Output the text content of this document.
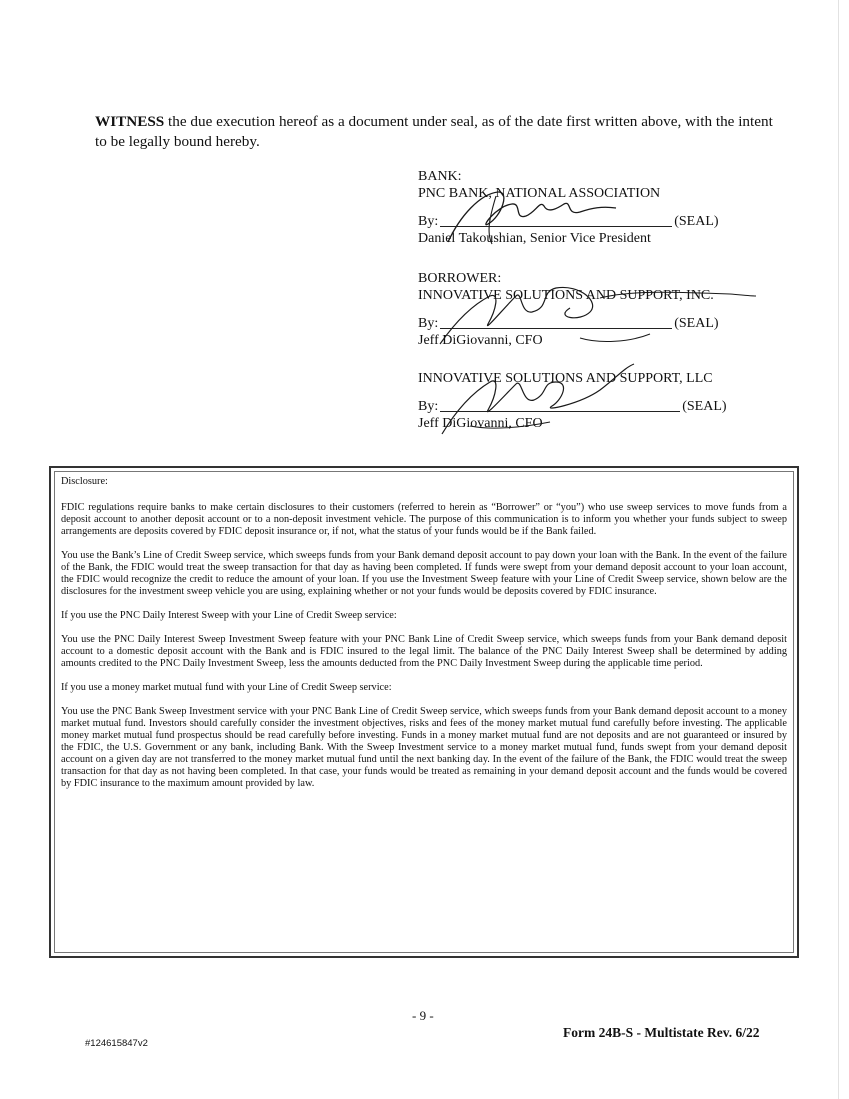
WITNESS the due execution hereof as a document under seal, as of the date first written above, with the intent to be legally bound hereby.
BANK:
PNC BANK, NATIONAL ASSOCIATION
By:	(SEAL)
Daniel Takoushian, Senior Vice President
BORROWER:
INNOVATIVE SOLUTIONS AND SUPPORT, INC.
By:	(SEAL)
Jeff DiGiovanni, CFO
INNOVATIVE SOLUTIONS AND SUPPORT, LLC
By:	(SEAL)
Jeff DiGiovanni, CFO

Disclosure:

FDIC regulations require banks to make certain disclosures to their customers (referred to herein as “Borrower” or “you”) who use sweep services to move funds from a deposit account to another deposit account or to a non-deposit investment vehicle. The purpose of this communication is to inform you whether your funds subject to sweep arrangements are deposits covered by FDIC deposit insurance or, if not, what the status of your funds would be if the Bank failed.

You use the Bank’s Line of Credit Sweep service, which sweeps funds from your Bank demand deposit account to pay down your loan with the Bank. In the event of the failure of the Bank, the FDIC would treat the sweep transaction for that day as having been completed. If funds were swept from your demand deposit account to your loan account, the FDIC would recognize the credit to reduce the amount of your loan. If you use the Investment Sweep feature with your Line of Credit Sweep service, shown below are the disclosures for the investment sweep vehicle you are using, explaining whether or not your funds would be deposits covered by FDIC insurance.

If you use the PNC Daily Interest Sweep with your Line of Credit Sweep service:

You use the PNC Daily Interest Sweep Investment Sweep feature with your PNC Bank Line of Credit Sweep service, which sweeps funds from your Bank demand deposit account to a domestic deposit account with the Bank and is FDIC insured to the legal limit. The balance of the PNC Daily Interest Sweep shall be determined by adding amounts credited to the PNC Daily Investment Sweep, less the amounts deducted from the PNC Daily Investment Sweep during the applicable time period.

If you use a money market mutual fund with your Line of Credit Sweep service:

You use the PNC Bank Sweep Investment service with your PNC Bank Line of Credit Sweep service, which sweeps funds from your Bank demand deposit account to a money market mutual fund. Investors should carefully consider the investment objectives, risks and fees of the money market mutual fund carefully before investing. The applicable money market mutual fund prospectus should be read carefully before investing. Funds in a money market mutual fund are not deposits and are not guaranteed or insured by the FDIC, the U.S. Government or any bank, including Bank. With the Sweep Investment service to a money market mutual fund, funds swept from your demand deposit account on a given day are not transferred to the money market mutual fund until the next banking day. In the event of the failure of the Bank, the FDIC would treat the sweep transaction for that day as not having been completed. In that case, your funds would be treated as remaining in your demand deposit account and the funds would be covered by FDIC insurance to the maximum amount provided by law.

- 9 -
Form 24B-S - Multistate Rev. 6/22
#124615847v2
